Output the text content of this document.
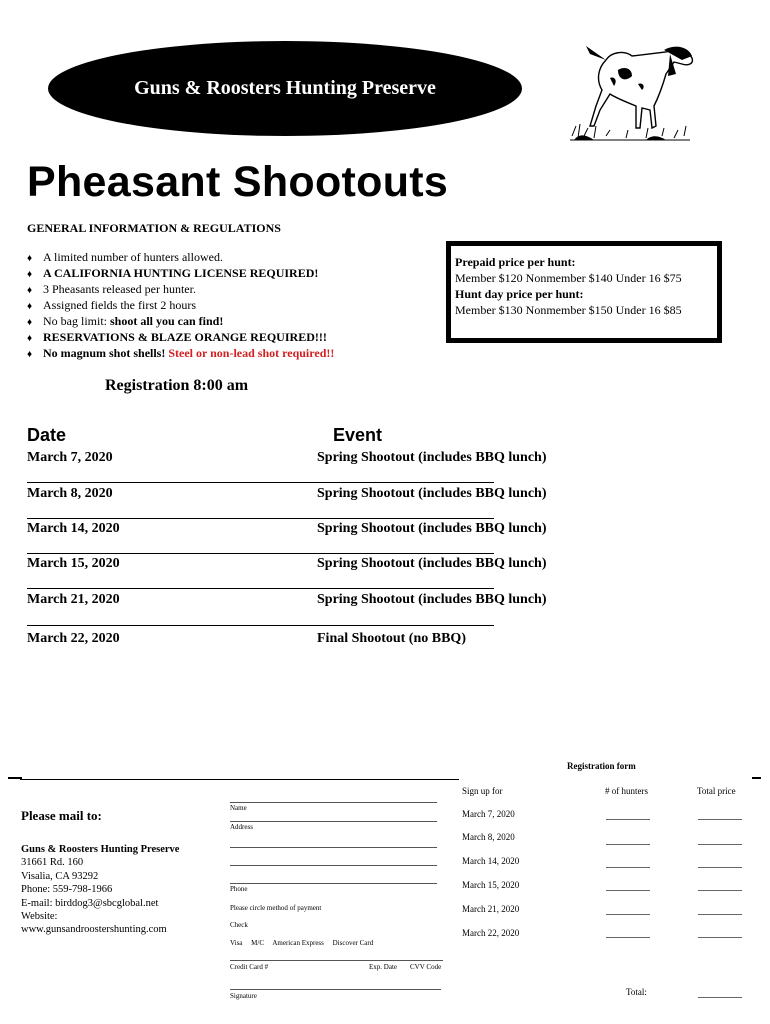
Guns & Roosters Hunting Preserve
Pheasant Shootouts
GENERAL INFORMATION & REGULATIONS
♦ A limited number of hunters allowed.
♦ A CALIFORNIA HUNTING LICENSE REQUIRED!
♦ 3 Pheasants released per hunter.
♦ Assigned fields the first 2 hours
♦ No bag limit: shoot all you can find!
♦ RESERVATIONS & BLAZE ORANGE REQUIRED!!!
♦ No magnum shot shells! Steel or non-lead shot required!!
Prepaid price per hunt:
Member $120 Nonmember $140 Under 16 $75
Hunt day price per hunt:
Member $130 Nonmember $150 Under 16 $85
Registration 8:00 am
Date	Event
March 7, 2020	Spring Shootout (includes BBQ lunch)
March 8, 2020	Spring Shootout (includes BBQ lunch)
March 14, 2020	Spring Shootout (includes BBQ lunch)
March 15, 2020	Spring Shootout (includes BBQ lunch)
March 21, 2020	Spring Shootout (includes BBQ lunch)
March 22, 2020	Final Shootout (no BBQ)
Registration form
Please mail to:
Guns & Roosters Hunting Preserve
31661 Rd. 160
Visalia, CA 93292
Phone: 559-798-1966
E-mail: birddog3@sbcglobal.net
Website:
www.gunsandroostershunting.com
Name
Address
Phone
Please circle method of payment
Check
Visa     M/C     American Express     Discover Card
Credit Card #	Exp. Date CVV Code
Signature
Sign up for	# of hunters	Total price
March 7, 2020
March 8, 2020
March 14, 2020
March 15, 2020
March 21, 2020
March 22, 2020
Total:
